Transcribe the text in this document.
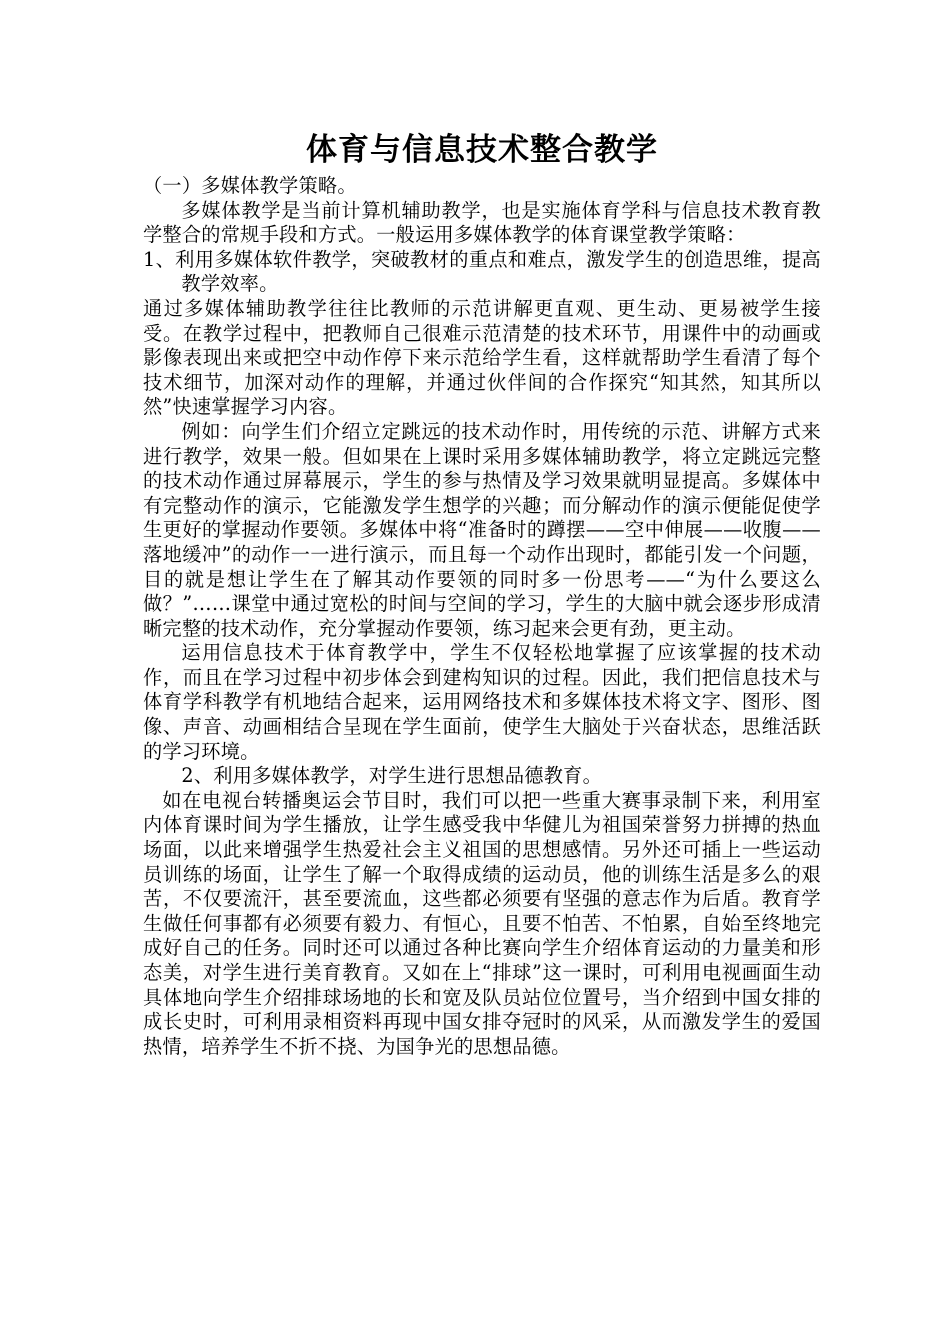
体育与信息技术整合教学

（一）多媒体教学策略。

多媒体教学是当前计算机辅助教学，也是实施体育学科与信息技术教育教学整合的常规手段和方式。一般运用多媒体教学的体育课堂教学策略：

1、利用多媒体软件教学，突破教材的重点和难点，激发学生的创造思维，提高教学效率。

通过多媒体辅助教学往往比教师的示范讲解更直观、更生动、更易被学生接受。在教学过程中，把教师自己很难示范清楚的技术环节，用课件中的动画或影像表现出来或把空中动作停下来示范给学生看，这样就帮助学生看清了每个技术细节，加深对动作的理解，并通过伙伴间的合作探究“知其然，知其所以然”快速掌握学习内容。

例如：向学生们介绍立定跳远的技术动作时，用传统的示范、讲解方式来进行教学，效果一般。但如果在上课时采用多媒体辅助教学，将立定跳远完整的技术动作通过屏幕展示，学生的参与热情及学习效果就明显提高。多媒体中有完整动作的演示，它能激发学生想学的兴趣；而分解动作的演示便能促使学生更好的掌握动作要领。多媒体中将“准备时的蹲摆——空中伸展——收腹——落地缓冲”的动作一一进行演示，而且每一个动作出现时，都能引发一个问题，目的就是想让学生在了解其动作要领的同时多一份思考——“为什么要这么做？”……课堂中通过宽松的时间与空间的学习，学生的大脑中就会逐步形成清晰完整的技术动作，充分掌握动作要领，练习起来会更有劲，更主动。

运用信息技术于体育教学中，学生不仅轻松地掌握了应该掌握的技术动作，而且在学习过程中初步体会到建构知识的过程。因此，我们把信息技术与体育学科教学有机地结合起来，运用网络技术和多媒体技术将文字、图形、图像、声音、动画相结合呈现在学生面前，使学生大脑处于兴奋状态，思维活跃的学习环境。

2、利用多媒体教学，对学生进行思想品德教育。

如在电视台转播奥运会节目时，我们可以把一些重大赛事录制下来，利用室内体育课时间为学生播放，让学生感受我中华健儿为祖国荣誉努力拼搏的热血场面，以此来增强学生热爱社会主义祖国的思想感情。另外还可插上一些运动员训练的场面，让学生了解一个取得成绩的运动员，他的训练生活是多么的艰苦，不仅要流汗，甚至要流血，这些都必须要有坚强的意志作为后盾。教育学生做任何事都有必须要有毅力、有恒心，且要不怕苦、不怕累，自始至终地完成好自己的任务。同时还可以通过各种比赛向学生介绍体育运动的力量美和形态美，对学生进行美育教育。又如在上“排球”这一课时，可利用电视画面生动具体地向学生介绍排球场地的长和宽及队员站位位置号，当介绍到中国女排的成长史时，可利用录相资料再现中国女排夺冠时的风采，从而激发学生的爱国热情，培养学生不折不挠、为国争光的思想品德。
